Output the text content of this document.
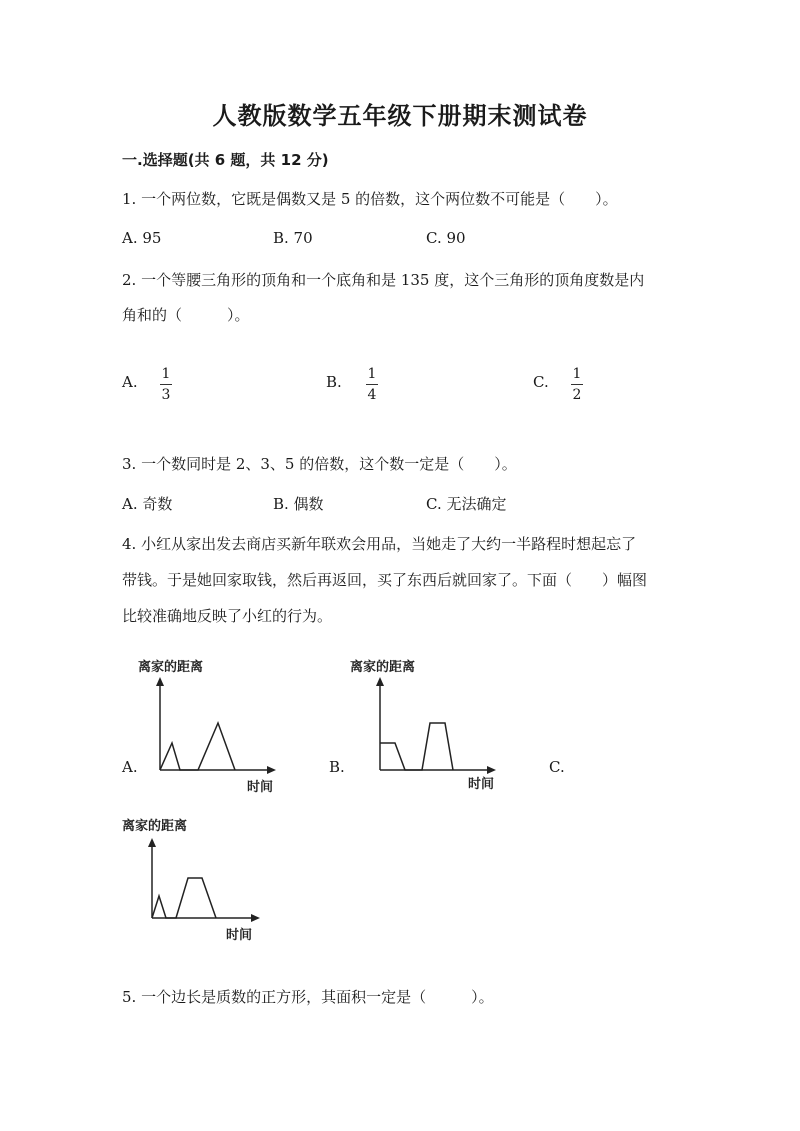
人教版数学五年级下册期末测试卷
一.选择题(共 6 题，共 12 分)
1. 一个两位数，它既是偶数又是 5 的倍数，这个两位数不可能是（　　）。
A. 95	B. 70	C. 90
2. 一个等腰三角形的顶角和一个底角和是 135 度，这个三角形的顶角度数是内
角和的（　　　）。
A. 1
3
B. 1
4
C. 1
2
3. 一个数同时是 2、3、5 的倍数，这个数一定是（　　）。
A. 奇数	B. 偶数	C. 无法确定
4. 小红从家出发去商店买新年联欢会用品，当她走了大约一半路程时想起忘了
带钱。于是她回家取钱，然后再返回，买了东西后就回家了。下面（　　）幅图
比较准确地反映了小红的行为。
A.	B.	C.
离家的距离
时间
离家的距离
时间
离家的距离
时间
5. 一个边长是质数的正方形，其面积一定是（　　　）。
